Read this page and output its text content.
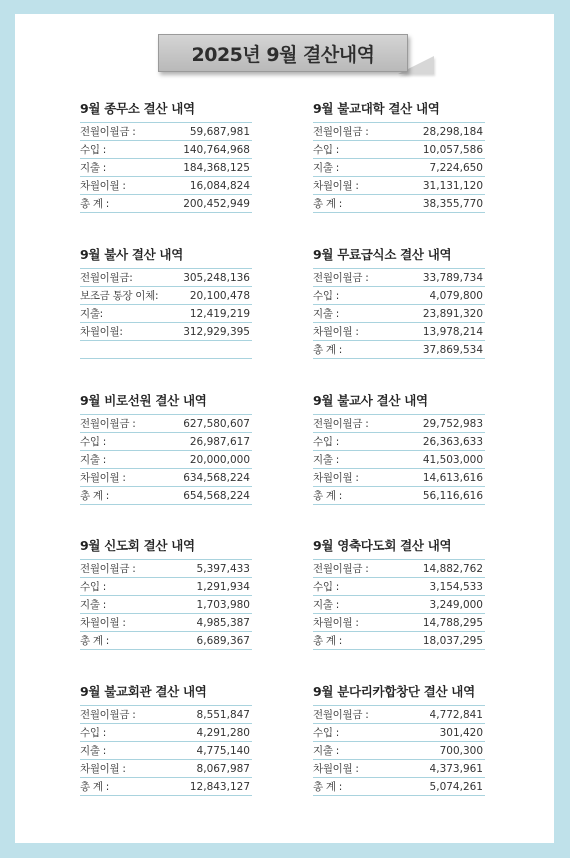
2025년 9월 결산내역
9월 종무소 결산 내역
전월이월금 :	59,687,981
수입 :	140,764,968
지출 :	184,368,125
차월이월 :	16,084,824
총 계 :	200,452,949
9월 불교대학 결산 내역
전월이월금 :	28,298,184
수입 :	10,057,586
지출 :	7,224,650
차월이월 :	31,131,120
총 계 :	38,355,770
9월 불사 결산 내역
전월이월금:	305,248,136
보조금 통장 이체:	20,100,478
지출:	12,419,219
차월이월:	312,929,395
9월 무료급식소 결산 내역
전월이월금 :	33,789,734
수입 :	4,079,800
지출 :	23,891,320
차월이월 :	13,978,214
총 계 :	37,869,534
9월 비로선원 결산 내역
전월이월금 :	627,580,607
수입 :	26,987,617
지출 :	20,000,000
차월이월 :	634,568,224
총 계 :	654,568,224
9월 불교사 결산 내역
전월이월금 :	29,752,983
수입 :	26,363,633
지출 :	41,503,000
차월이월 :	14,613,616
총 계 :	56,116,616
9월 신도회 결산 내역
전월이월금 :	5,397,433
수입 :	1,291,934
지출 :	1,703,980
차월이월 :	4,985,387
총 계 :	6,689,367
9월 영축다도회 결산 내역
전월이월금 :	14,882,762
수입 :	3,154,533
지출 :	3,249,000
차월이월 :	14,788,295
총 계 :	18,037,295
9월 불교회관 결산 내역
전월이월금 :	8,551,847
수입 :	4,291,280
지출 :	4,775,140
차월이월 :	8,067,987
총 계 :	12,843,127
9월 분다리카합창단 결산 내역
전월이월금 :	4,772,841
수입 :	301,420
지출 :	700,300
차월이월 :	4,373,961
총 계 :	5,074,261
